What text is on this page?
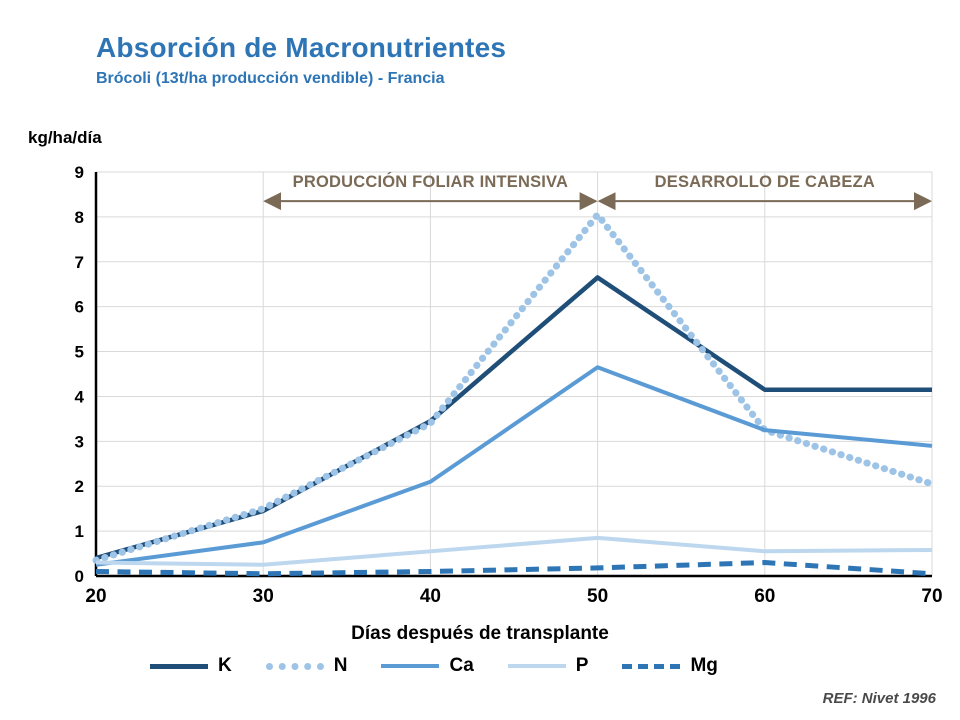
Absorción de Macronutrientes
Brócoli (13t/ha producción vendible) - Francia
kg/ha/día
0
1
2
3
4
5
6
7
8
9
20	30	40	50	60	70
PRODUCCIÓN FOLIAR INTENSIVA	DESARROLLO DE CABEZA
Días después de transplante
K	N	Ca	P	Mg
REF: Nivet 1996
